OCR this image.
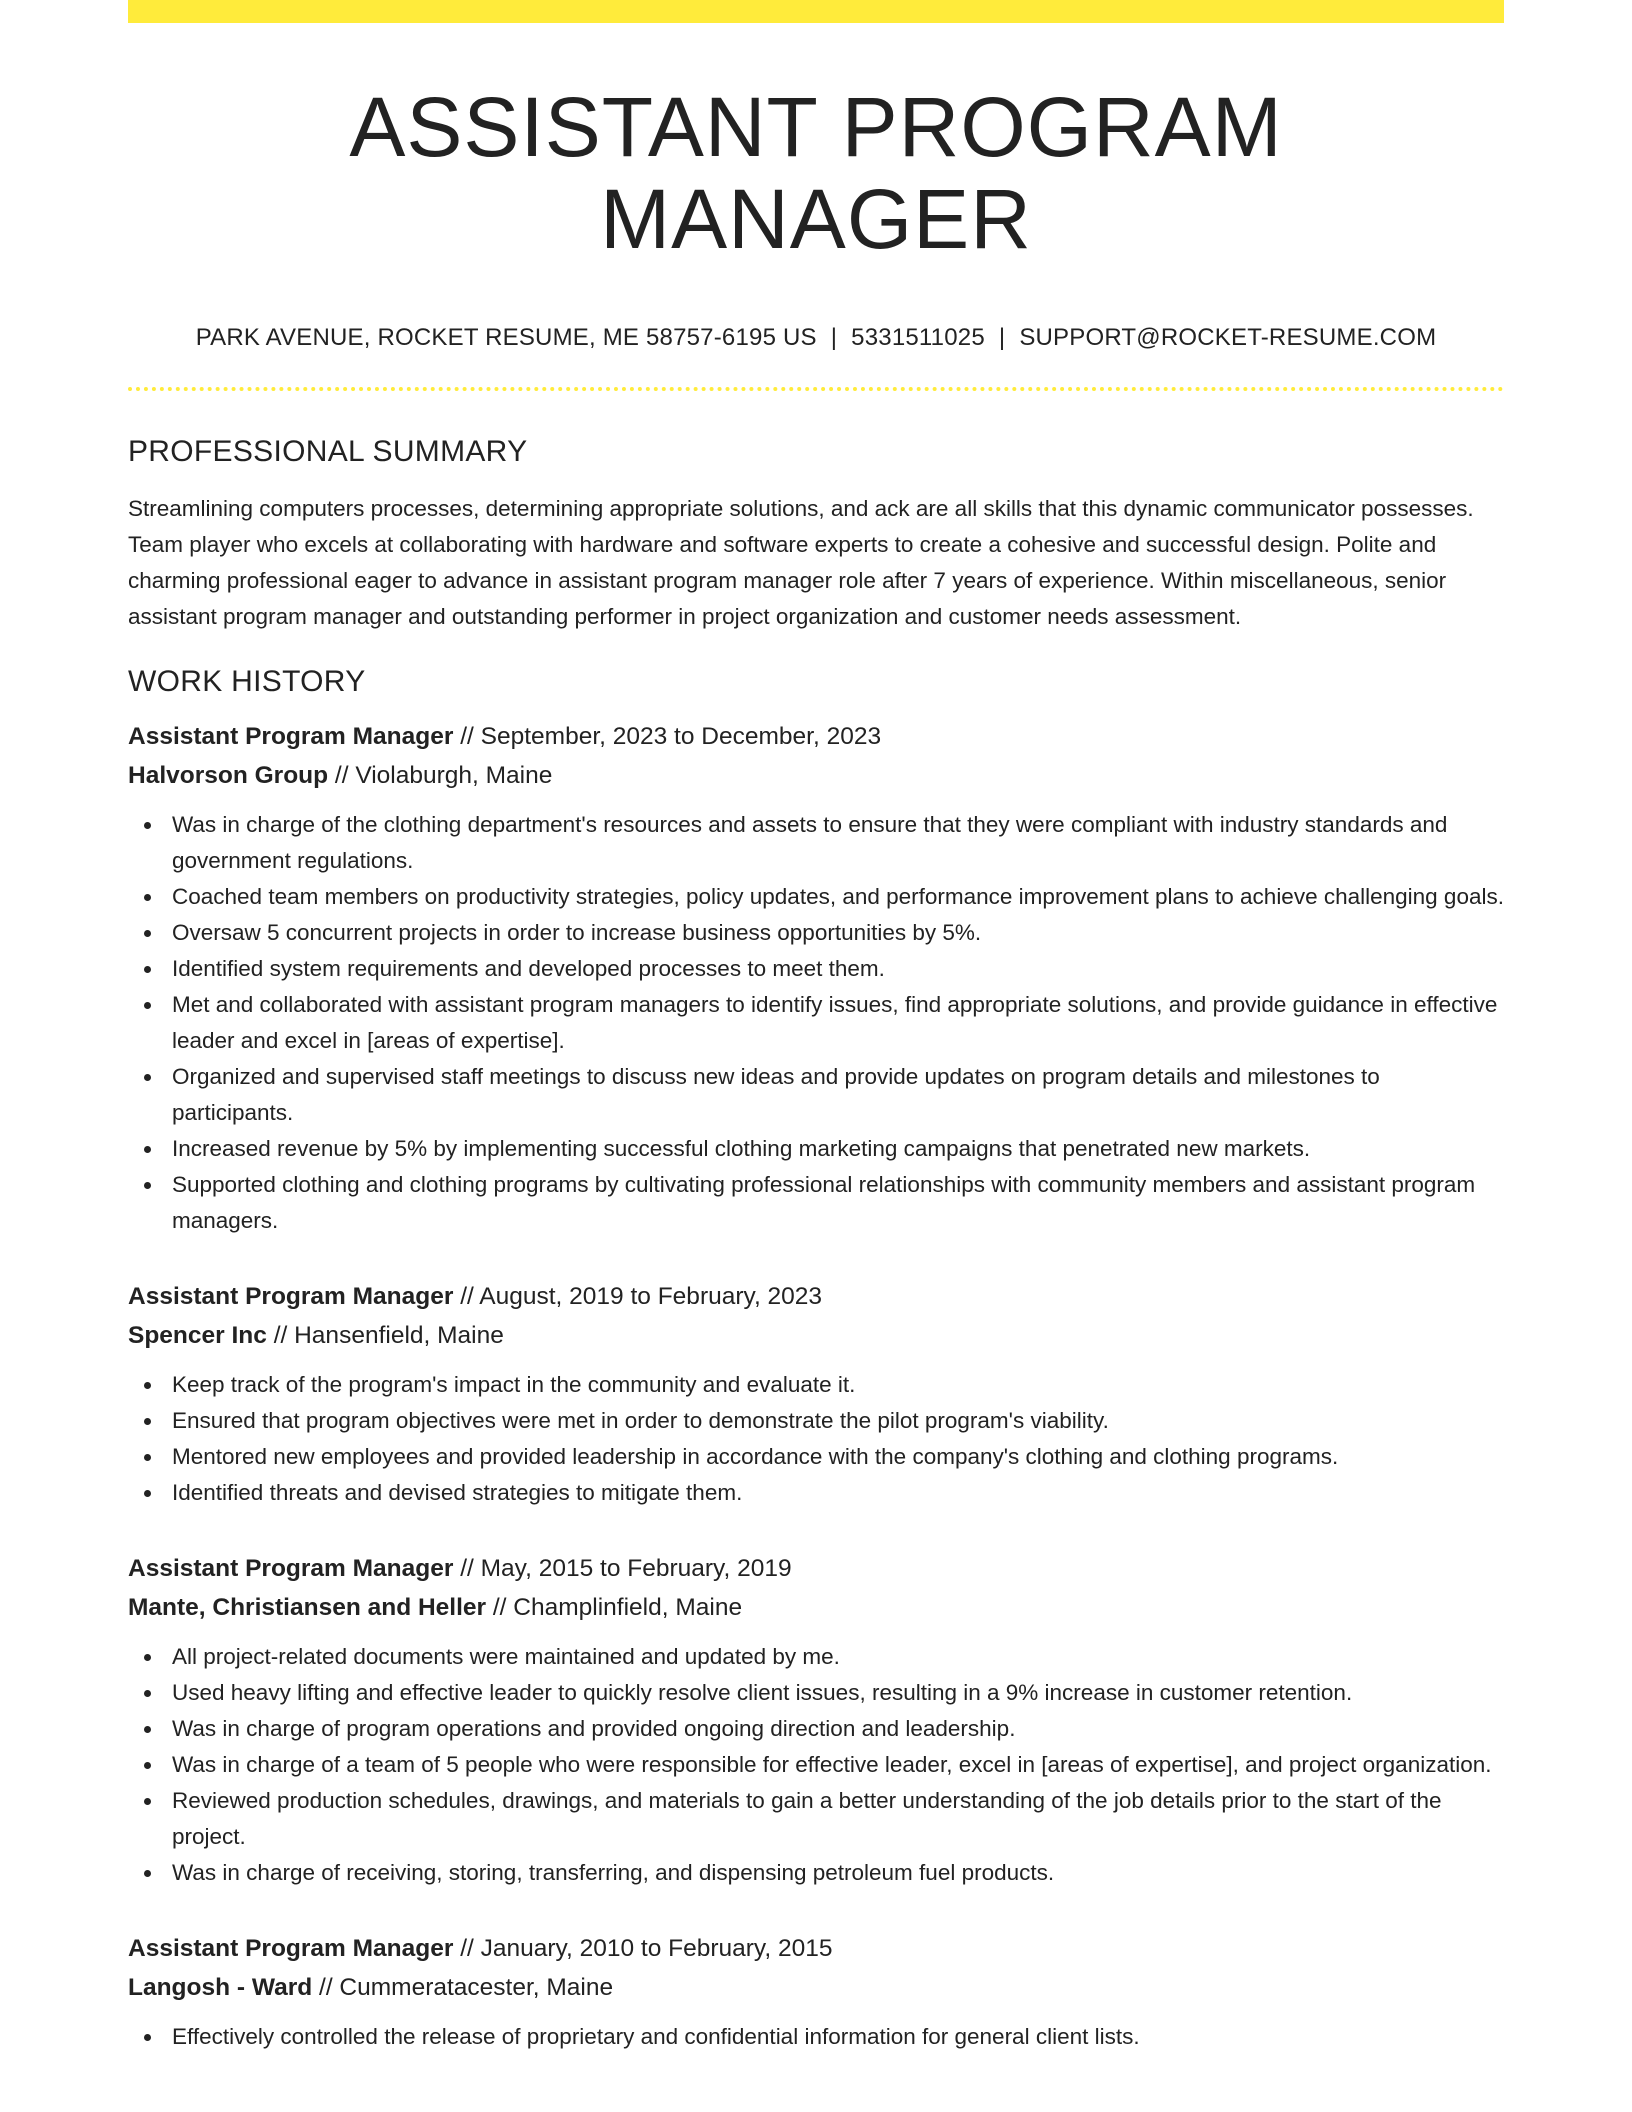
ASSISTANT PROGRAM MANAGER
PARK AVENUE, ROCKET RESUME, ME 58757-6195 US | 5331511025 | SUPPORT@ROCKET-RESUME.COM
PROFESSIONAL SUMMARY

Streamlining computers processes, determining appropriate solutions, and ack are all skills that this dynamic communicator possesses. Team player who excels at collaborating with hardware and software experts to create a cohesive and successful design. Polite and charming professional eager to advance in assistant program manager role after 7 years of experience. Within miscellaneous, senior assistant program manager and outstanding performer in project organization and customer needs assessment.

WORK HISTORY
Assistant Program Manager // September, 2023 to December, 2023
Halvorson Group // Violaburgh, Maine
Was in charge of the clothing department's resources and assets to ensure that they were compliant with industry standards and government regulations.
Coached team members on productivity strategies, policy updates, and performance improvement plans to achieve challenging goals.
Oversaw 5 concurrent projects in order to increase business opportunities by 5%.
Identified system requirements and developed processes to meet them.
Met and collaborated with assistant program managers to identify issues, find appropriate solutions, and provide guidance in effective leader and excel in [areas of expertise].
Organized and supervised staff meetings to discuss new ideas and provide updates on program details and milestones to participants.
Increased revenue by 5% by implementing successful clothing marketing campaigns that penetrated new markets.
Supported clothing and clothing programs by cultivating professional relationships with community members and assistant program managers.
Assistant Program Manager // August, 2019 to February, 2023
Spencer Inc // Hansenfield, Maine
Keep track of the program's impact in the community and evaluate it.
Ensured that program objectives were met in order to demonstrate the pilot program's viability.
Mentored new employees and provided leadership in accordance with the company's clothing and clothing programs.
Identified threats and devised strategies to mitigate them.
Assistant Program Manager // May, 2015 to February, 2019
Mante, Christiansen and Heller // Champlinfield, Maine
All project-related documents were maintained and updated by me.
Used heavy lifting and effective leader to quickly resolve client issues, resulting in a 9% increase in customer retention.
Was in charge of program operations and provided ongoing direction and leadership.
Was in charge of a team of 5 people who were responsible for effective leader, excel in [areas of expertise], and project organization.
Reviewed production schedules, drawings, and materials to gain a better understanding of the job details prior to the start of the project.
Was in charge of receiving, storing, transferring, and dispensing petroleum fuel products.
Assistant Program Manager // January, 2010 to February, 2015
Langosh - Ward // Cummeratacester, Maine
Effectively controlled the release of proprietary and confidential information for general client lists.
